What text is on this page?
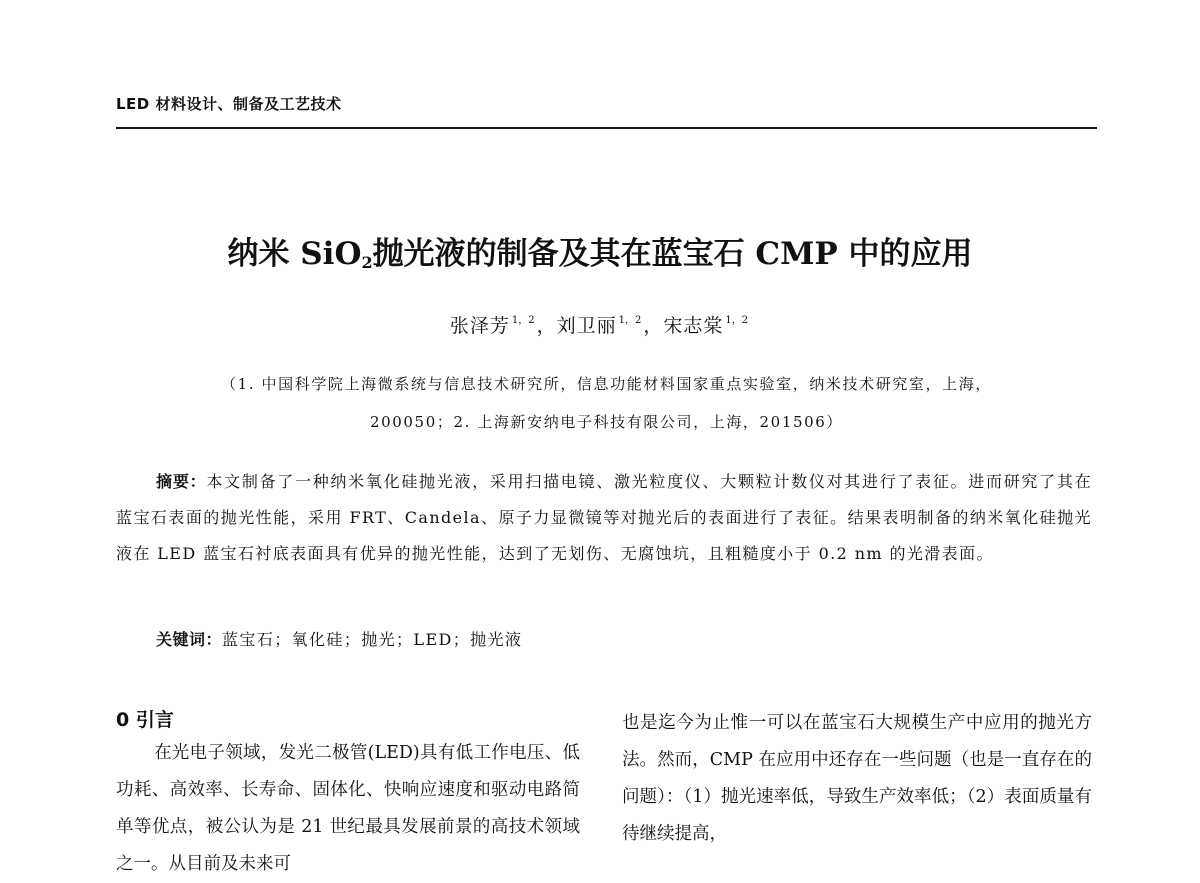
LED 材料设计、制备及工艺技术
纳米 SiO$_2$抛光液的制备及其在蓝宝石 CMP 中的应用
张泽芳 $^{1,2}$ ，刘卫丽 $^{1,2}$ ，宋志棠 $^{1,2}$
（1. 中国科学院上海微系统与信息技术研究所，信息功能材料国家重点实验室，纳米技术研究室，上海，
200050；2. 上海新安纳电子科技有限公司，上海，201506）

摘要：本文制备了一种纳米氧化硅抛光液，采用扫描电镜、激光粒度仪、大颗粒计数仪对其进行了表征。进而研究了其在蓝宝石表面的抛光性能，采用 FRT、Candela、原子力显微镜等对抛光后的表面进行了表征。结果表明制备的纳米氧化硅抛光液在 LED 蓝宝石衬底表面具有优异的抛光性能，达到了无划伤、无腐蚀坑，且粗糙度小于 0.2 nm 的光滑表面。

关键词：蓝宝石；氧化硅；抛光；LED；抛光液
0 引言

在光电子领域，发光二极管(LED)具有低工作电压、低功耗、高效率、长寿命、固体化、快响应速度和驱动电路简单等优点，被公认为是 21 世纪最具发展前景的高技术领域之一。从目前及未来可

也是迄今为止惟一可以在蓝宝石大规模生产中应用的抛光方法。然而，CMP 在应用中还存在一些问题（也是一直存在的问题）：（1）抛光速率低，导致生产效率低；（2）表面质量有待继续提高，
